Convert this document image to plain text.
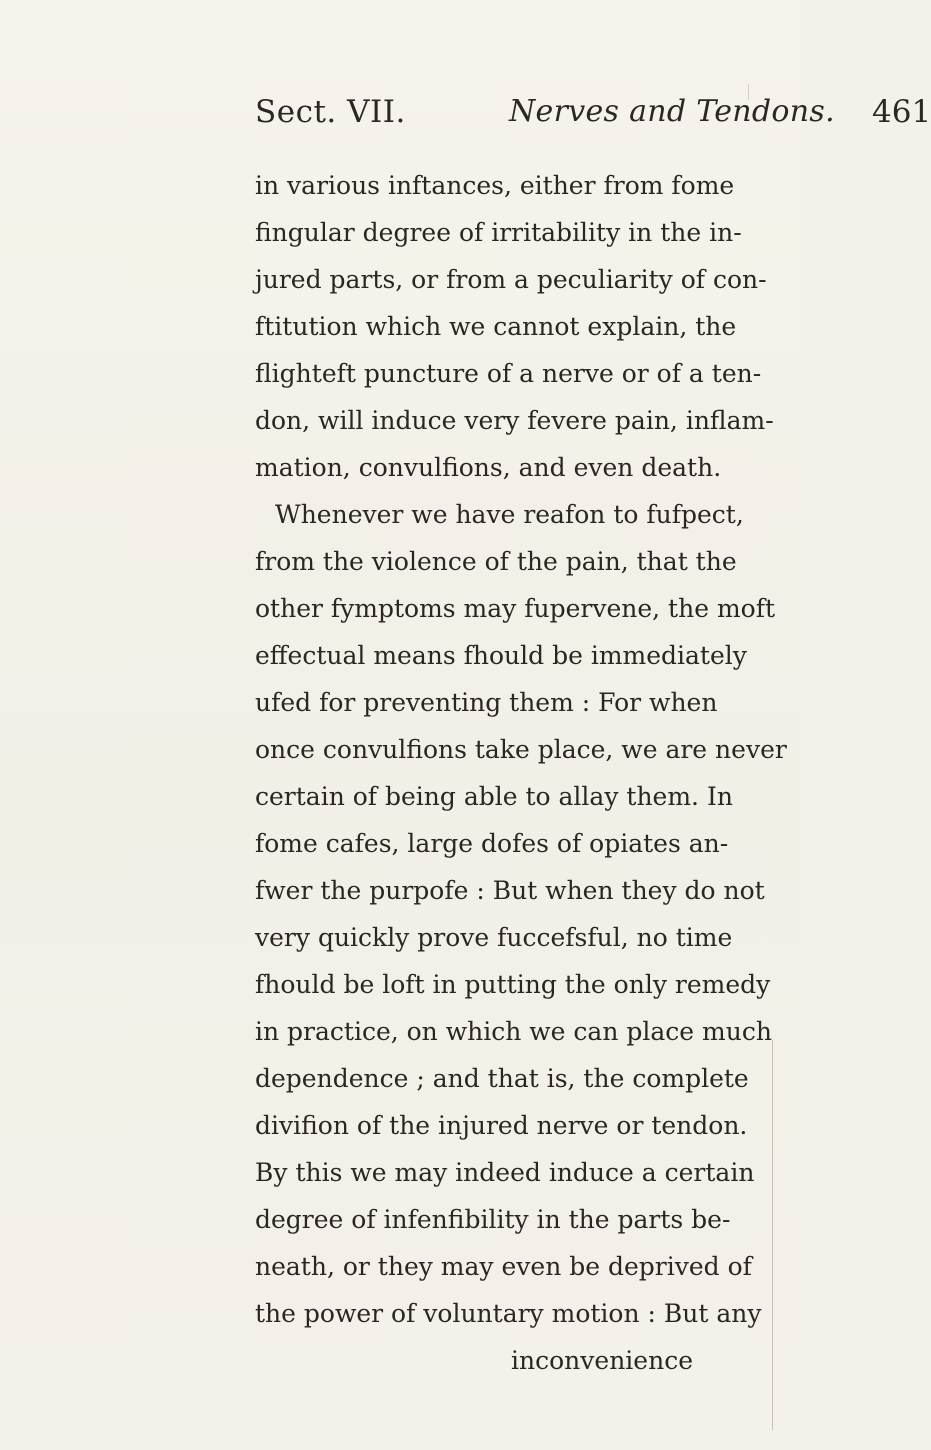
Sect. VII.	Nerves and Tendons. 461
in various inftances, either from fome
fingular degree of irritability in the in-
jured parts, or from a peculiarity of con-
ftitution which we cannot explain, the
flighteft puncture of a nerve or of a ten-
don, will induce very fevere pain, inflam-
mation, convulfions, and even death.
Whenever we have reafon to fufpect,
from the violence of the pain, that the
other fymptoms may fupervene, the moft
effectual means fhould be immediately
ufed for preventing them : For when
once convulfions take place, we are never
certain of being able to allay them. In
fome cafes, large dofes of opiates an-
fwer the purpofe : But when they do not
very quickly prove fuccefsful, no time
fhould be loft in putting the only remedy
in practice, on which we can place much
dependence ; and that is, the complete
divifion of the injured nerve or tendon.
By this we may indeed induce a certain
degree of infenfibility in the parts be-
neath, or they may even be deprived of
the power of voluntary motion : But any
inconvenience
